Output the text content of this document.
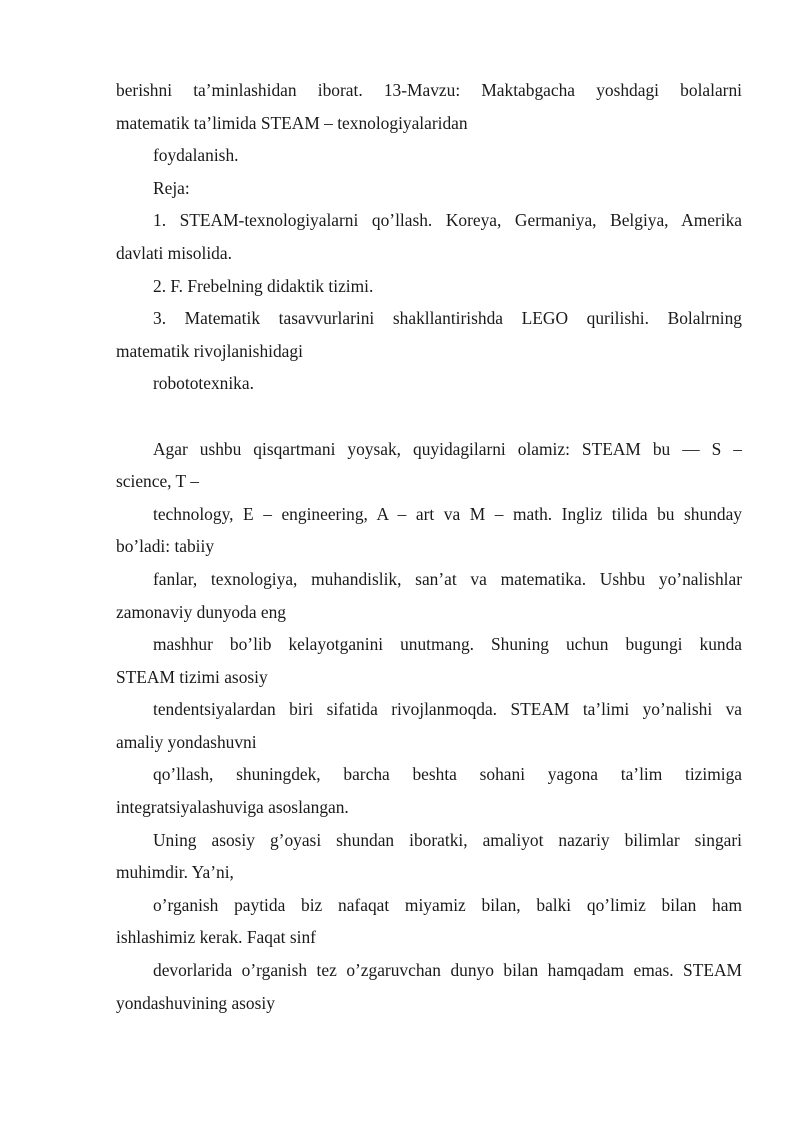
berishni ta’minlashidan iborat. 13-Mavzu: Maktabgacha yoshdagi bolalarni
matematik ta’limida STEAM – texnologiyalaridan
foydalanish.
Reja:
1. STEAM-texnologiyalarni qo’llash. Koreya, Germaniya, Belgiya, Amerika
davlati misolida.
2. F. Frebelning didaktik tizimi.
3. Matematik tasavvurlarini shakllantirishda LEGO qurilishi. Bolalrning
matematik rivojlanishidagi
robototexnika.
Agar ushbu qisqartmani yoysak, quyidagilarni olamiz: STEAM bu — S –
science, T –
technology, E – engineering, A – art va M – math. Ingliz tilida bu shunday
bo’ladi: tabiiy
fanlar, texnologiya, muhandislik, san’at va matematika. Ushbu yo’nalishlar
zamonaviy dunyoda eng
mashhur bo’lib kelayotganini unutmang. Shuning uchun bugungi kunda
STEAM tizimi asosiy
tendentsiyalardan biri sifatida rivojlanmoqda. STEAM ta’limi yo’nalishi va
amaliy yondashuvni
qo’llash, shuningdek, barcha beshta sohani yagona ta’lim tizimiga
integratsiyalashuviga asoslangan.
Uning asosiy g’oyasi shundan iboratki, amaliyot nazariy bilimlar singari
muhimdir. Ya’ni,
o’rganish paytida biz nafaqat miyamiz bilan, balki qo’limiz bilan ham
ishlashimiz kerak. Faqat sinf
devorlarida o’rganish tez o’zgaruvchan dunyo bilan hamqadam emas. STEAM
yondashuvining asosiy
